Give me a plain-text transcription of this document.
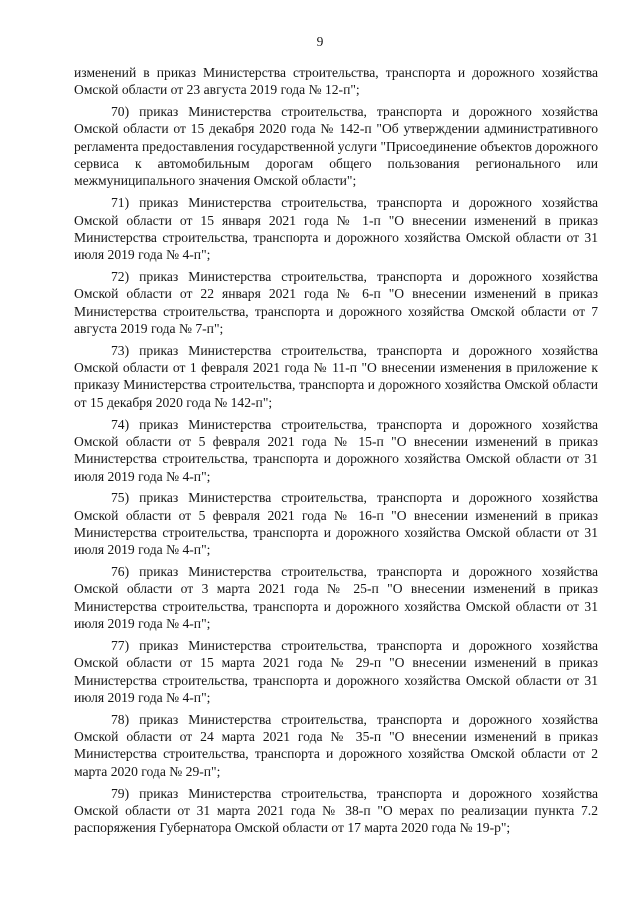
9

изменений в приказ Министерства строительства, транспорта и дорожного хозяйства Омской области от 23 августа 2019 года № 12-п";

70) приказ Министерства строительства, транспорта и дорожного хозяйства Омской области от 15 декабря 2020 года № 142-п "Об утверждении административного регламента предоставления государственной услуги "Присоединение объектов дорожного сервиса к автомобильным дорогам общего пользования регионального или межмуниципального значения Омской области";

71) приказ Министерства строительства, транспорта и дорожного хозяйства Омской области от 15 января 2021 года № 1-п "О внесении изменений в приказ Министерства строительства, транспорта и дорожного хозяйства Омской области от 31 июля 2019 года № 4-п";

72) приказ Министерства строительства, транспорта и дорожного хозяйства Омской области от 22 января 2021 года № 6-п "О внесении изменений в приказ Министерства строительства, транспорта и дорожного хозяйства Омской области от 7 августа 2019 года № 7-п";

73) приказ Министерства строительства, транспорта и дорожного хозяйства Омской области от 1 февраля 2021 года № 11-п "О внесении изменения в приложение к приказу Министерства строительства, транспорта и дорожного хозяйства Омской области от 15 декабря 2020 года № 142-п";

74) приказ Министерства строительства, транспорта и дорожного хозяйства Омской области от 5 февраля 2021 года № 15-п "О внесении изменений в приказ Министерства строительства, транспорта и дорожного хозяйства Омской области от 31 июля 2019 года № 4-п";

75) приказ Министерства строительства, транспорта и дорожного хозяйства Омской области от 5 февраля 2021 года № 16-п "О внесении изменений в приказ Министерства строительства, транспорта и дорожного хозяйства Омской области от 31 июля 2019 года № 4-п";

76) приказ Министерства строительства, транспорта и дорожного хозяйства Омской области от 3 марта 2021 года № 25-п "О внесении изменений в приказ Министерства строительства, транспорта и дорожного хозяйства Омской области от 31 июля 2019 года № 4-п";

77) приказ Министерства строительства, транспорта и дорожного хозяйства Омской области от 15 марта 2021 года № 29-п "О внесении изменений в приказ Министерства строительства, транспорта и дорожного хозяйства Омской области от 31 июля 2019 года № 4-п";

78) приказ Министерства строительства, транспорта и дорожного хозяйства Омской области от 24 марта 2021 года № 35-п "О внесении изменений в приказ Министерства строительства, транспорта и дорожного хозяйства Омской области от 2 марта 2020 года № 29-п";

79) приказ Министерства строительства, транспорта и дорожного хозяйства Омской области от 31 марта 2021 года № 38-п "О мерах по реализации пункта 7.2 распоряжения Губернатора Омской области от 17 марта 2020 года № 19-р";
